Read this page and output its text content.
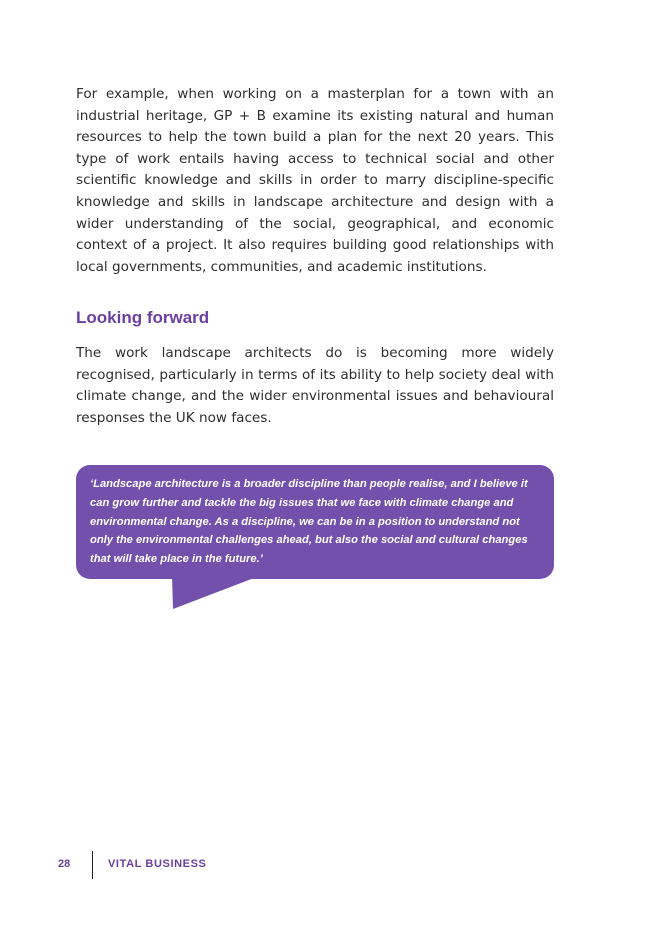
For example, when working on a masterplan for a town with an industrial heritage, GP + B examine its existing natural and human resources to help the town build a plan for the next 20 years. This type of work entails having access to technical social and other scientific knowledge and skills in order to marry discipline-specific knowledge and skills in landscape architecture and design with a wider understanding of the social, geographical, and economic context of a project. It also requires building good relationships with local governments, communities, and academic institutions.

Looking forward

The work landscape architects do is becoming more widely recognised, particularly in terms of its ability to help society deal with climate change, and the wider environmental issues and behavioural responses the UK now faces.

‘Landscape architecture is a broader discipline than people realise, and I believe it can grow further and tackle the big issues that we face with climate change and environmental change. As a discipline, we can be in a position to understand not only the environmental challenges ahead, but also the social and cultural changes that will take place in the future.’

28	VITAL BUSINESS
